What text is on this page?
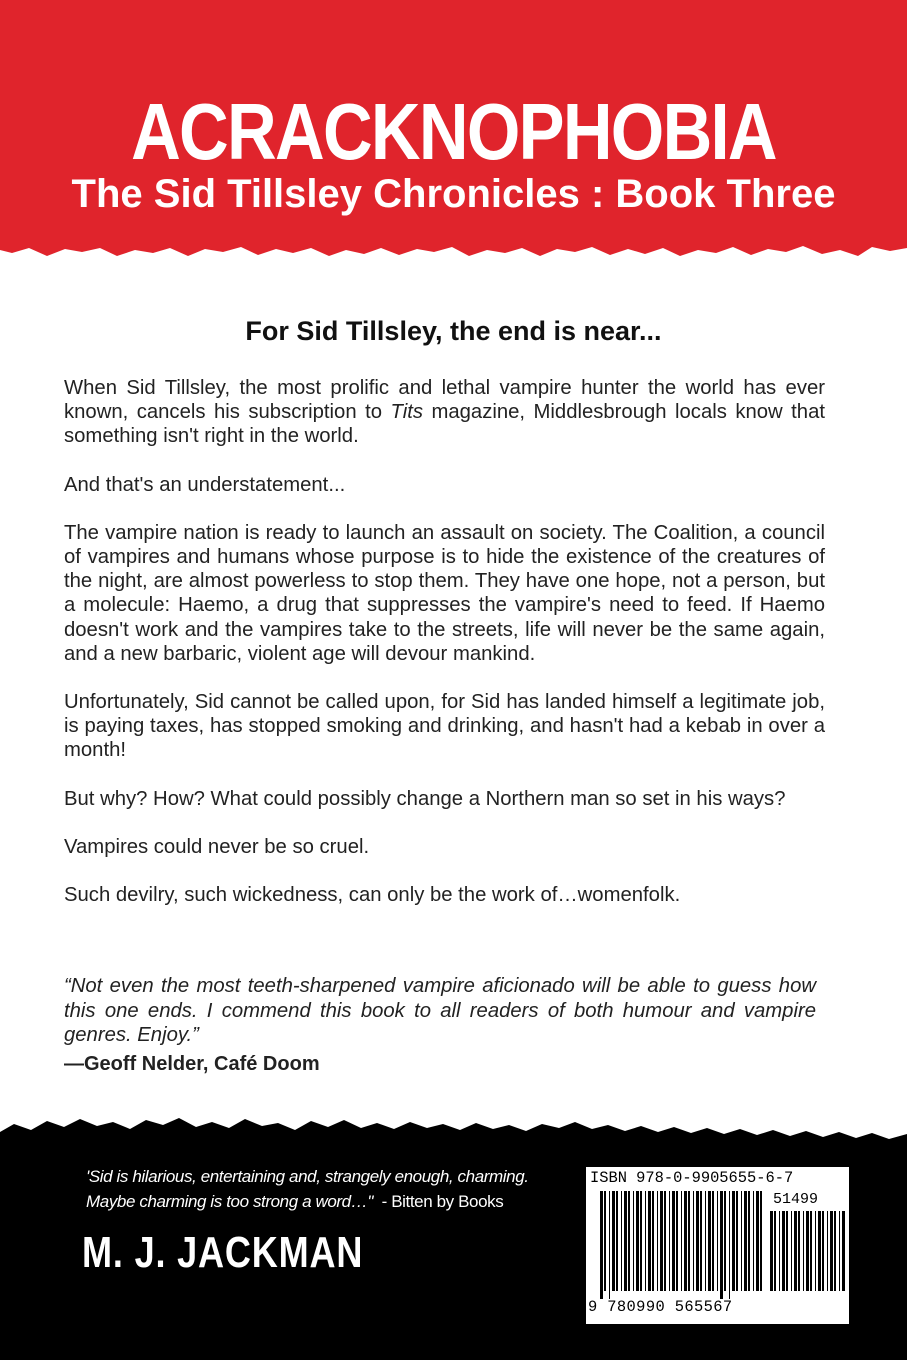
ACRACKNOPHOBIA
The Sid Tillsley Chronicles : Book Three
For Sid Tillsley, the end is near...

When Sid Tillsley, the most prolific and lethal vampire hunter the world has ever known, cancels his subscription to Tits magazine, Middlesbrough locals know that something isn't right in the world.

And that's an understatement...

The vampire nation is ready to launch an assault on society. The Coalition, a council of vampires and humans whose purpose is to hide the existence of the creatures of the night, are almost powerless to stop them. They have one hope, not a person, but a molecule: Haemo, a drug that suppresses the vampire's need to feed. If Haemo doesn't work and the vampires take to the streets, life will never be the same again, and a new barbaric, violent age will devour mankind.

Unfortunately, Sid cannot be called upon, for Sid has landed himself a legitimate job, is paying taxes, has stopped smoking and drinking, and hasn't had a kebab in over a month!

But why? How? What could possibly change a Northern man so set in his ways?

Vampires could never be so cruel.

Such devilry, such wickedness, can only be the work of…womenfolk.

“Not even the most teeth-sharpened vampire aficionado will be able to guess how this one ends. I commend this book to all readers of both humour and vampire genres. Enjoy.”

—Geoff Nelder, Café Doom
'Sid is hilarious, entertaining and, strangely enough, charming.
Maybe charming is too strong a word…" - Bitten by Books
M. J. JACKMAN
ISBN 978-0-9905655-6-7
51499
9 780990 565567
